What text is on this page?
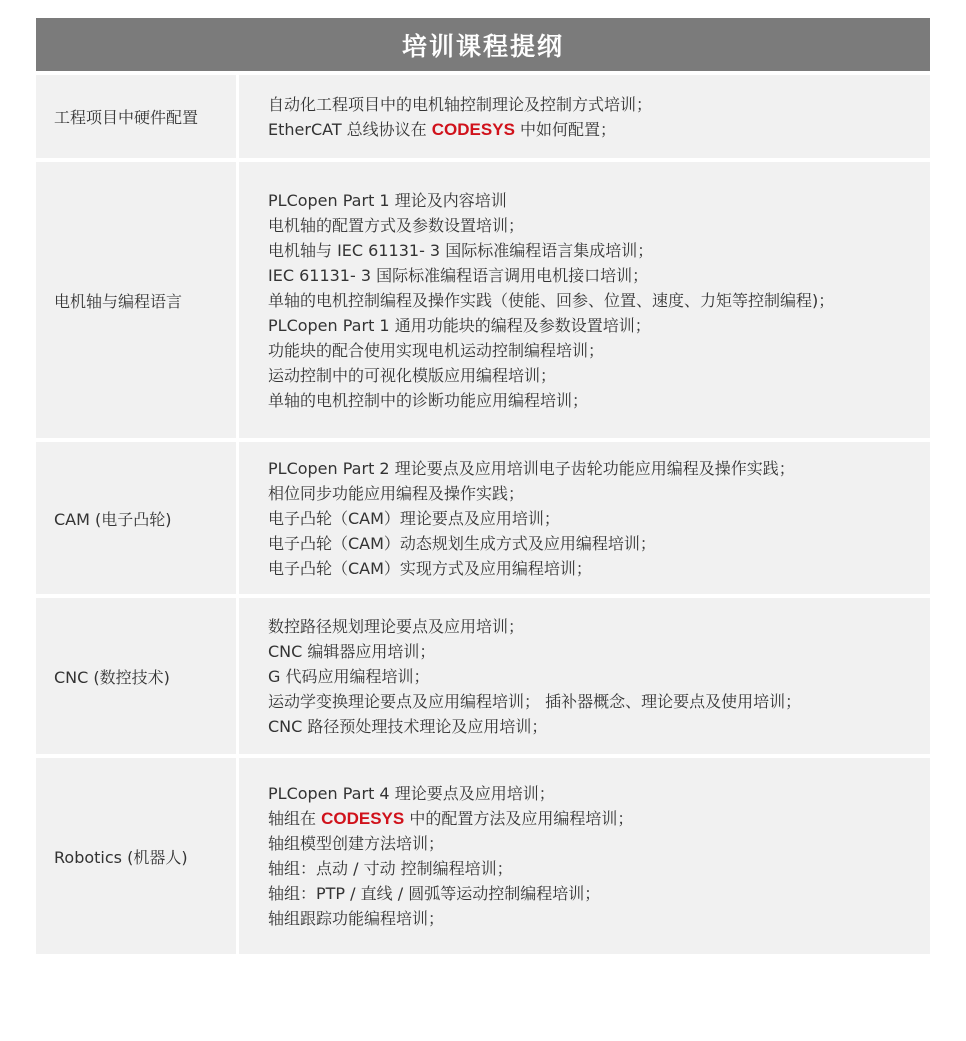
培训课程提纲
工程项目中硬件配置
自动化工程项目中的电机轴控制理论及控制方式培训；
EtherCAT 总线协议在 CODESYS 中如何配置；
电机轴与编程语言
PLCopen Part 1 理论及内容培训
电机轴的配置方式及参数设置培训；
电机轴与 IEC 61131- 3 国际标准编程语言集成培训；
IEC 61131- 3 国际标准编程语言调用电机接口培训；
单轴的电机控制编程及操作实践（使能、回参、位置、速度、力矩等控制编程)；
PLCopen Part 1 通用功能块的编程及参数设置培训；
功能块的配合使用实现电机运动控制编程培训；
运动控制中的可视化模版应用编程培训；
单轴的电机控制中的诊断功能应用编程培训；
CAM (电子凸轮)
PLCopen Part 2 理论要点及应用培训电子齿轮功能应用编程及操作实践；
相位同步功能应用编程及操作实践；
电子凸轮（CAM）理论要点及应用培训；
电子凸轮（CAM）动态规划生成方式及应用编程培训；
电子凸轮（CAM）实现方式及应用编程培训；
CNC (数控技术)
数控路径规划理论要点及应用培训；
CNC 编辑器应用培训；
G 代码应用编程培训；
运动学变换理论要点及应用编程培训； 插补器概念、理论要点及使用培训；
CNC 路径预处理技术理论及应用培训；
Robotics (机器人)
PLCopen Part 4 理论要点及应用培训；
轴组在 CODESYS 中的配置方法及应用编程培训；
轴组模型创建方法培训；
轴组：点动 / 寸动 控制编程培训；
轴组：PTP / 直线 / 圆弧等运动控制编程培训；
轴组跟踪功能编程培训；
